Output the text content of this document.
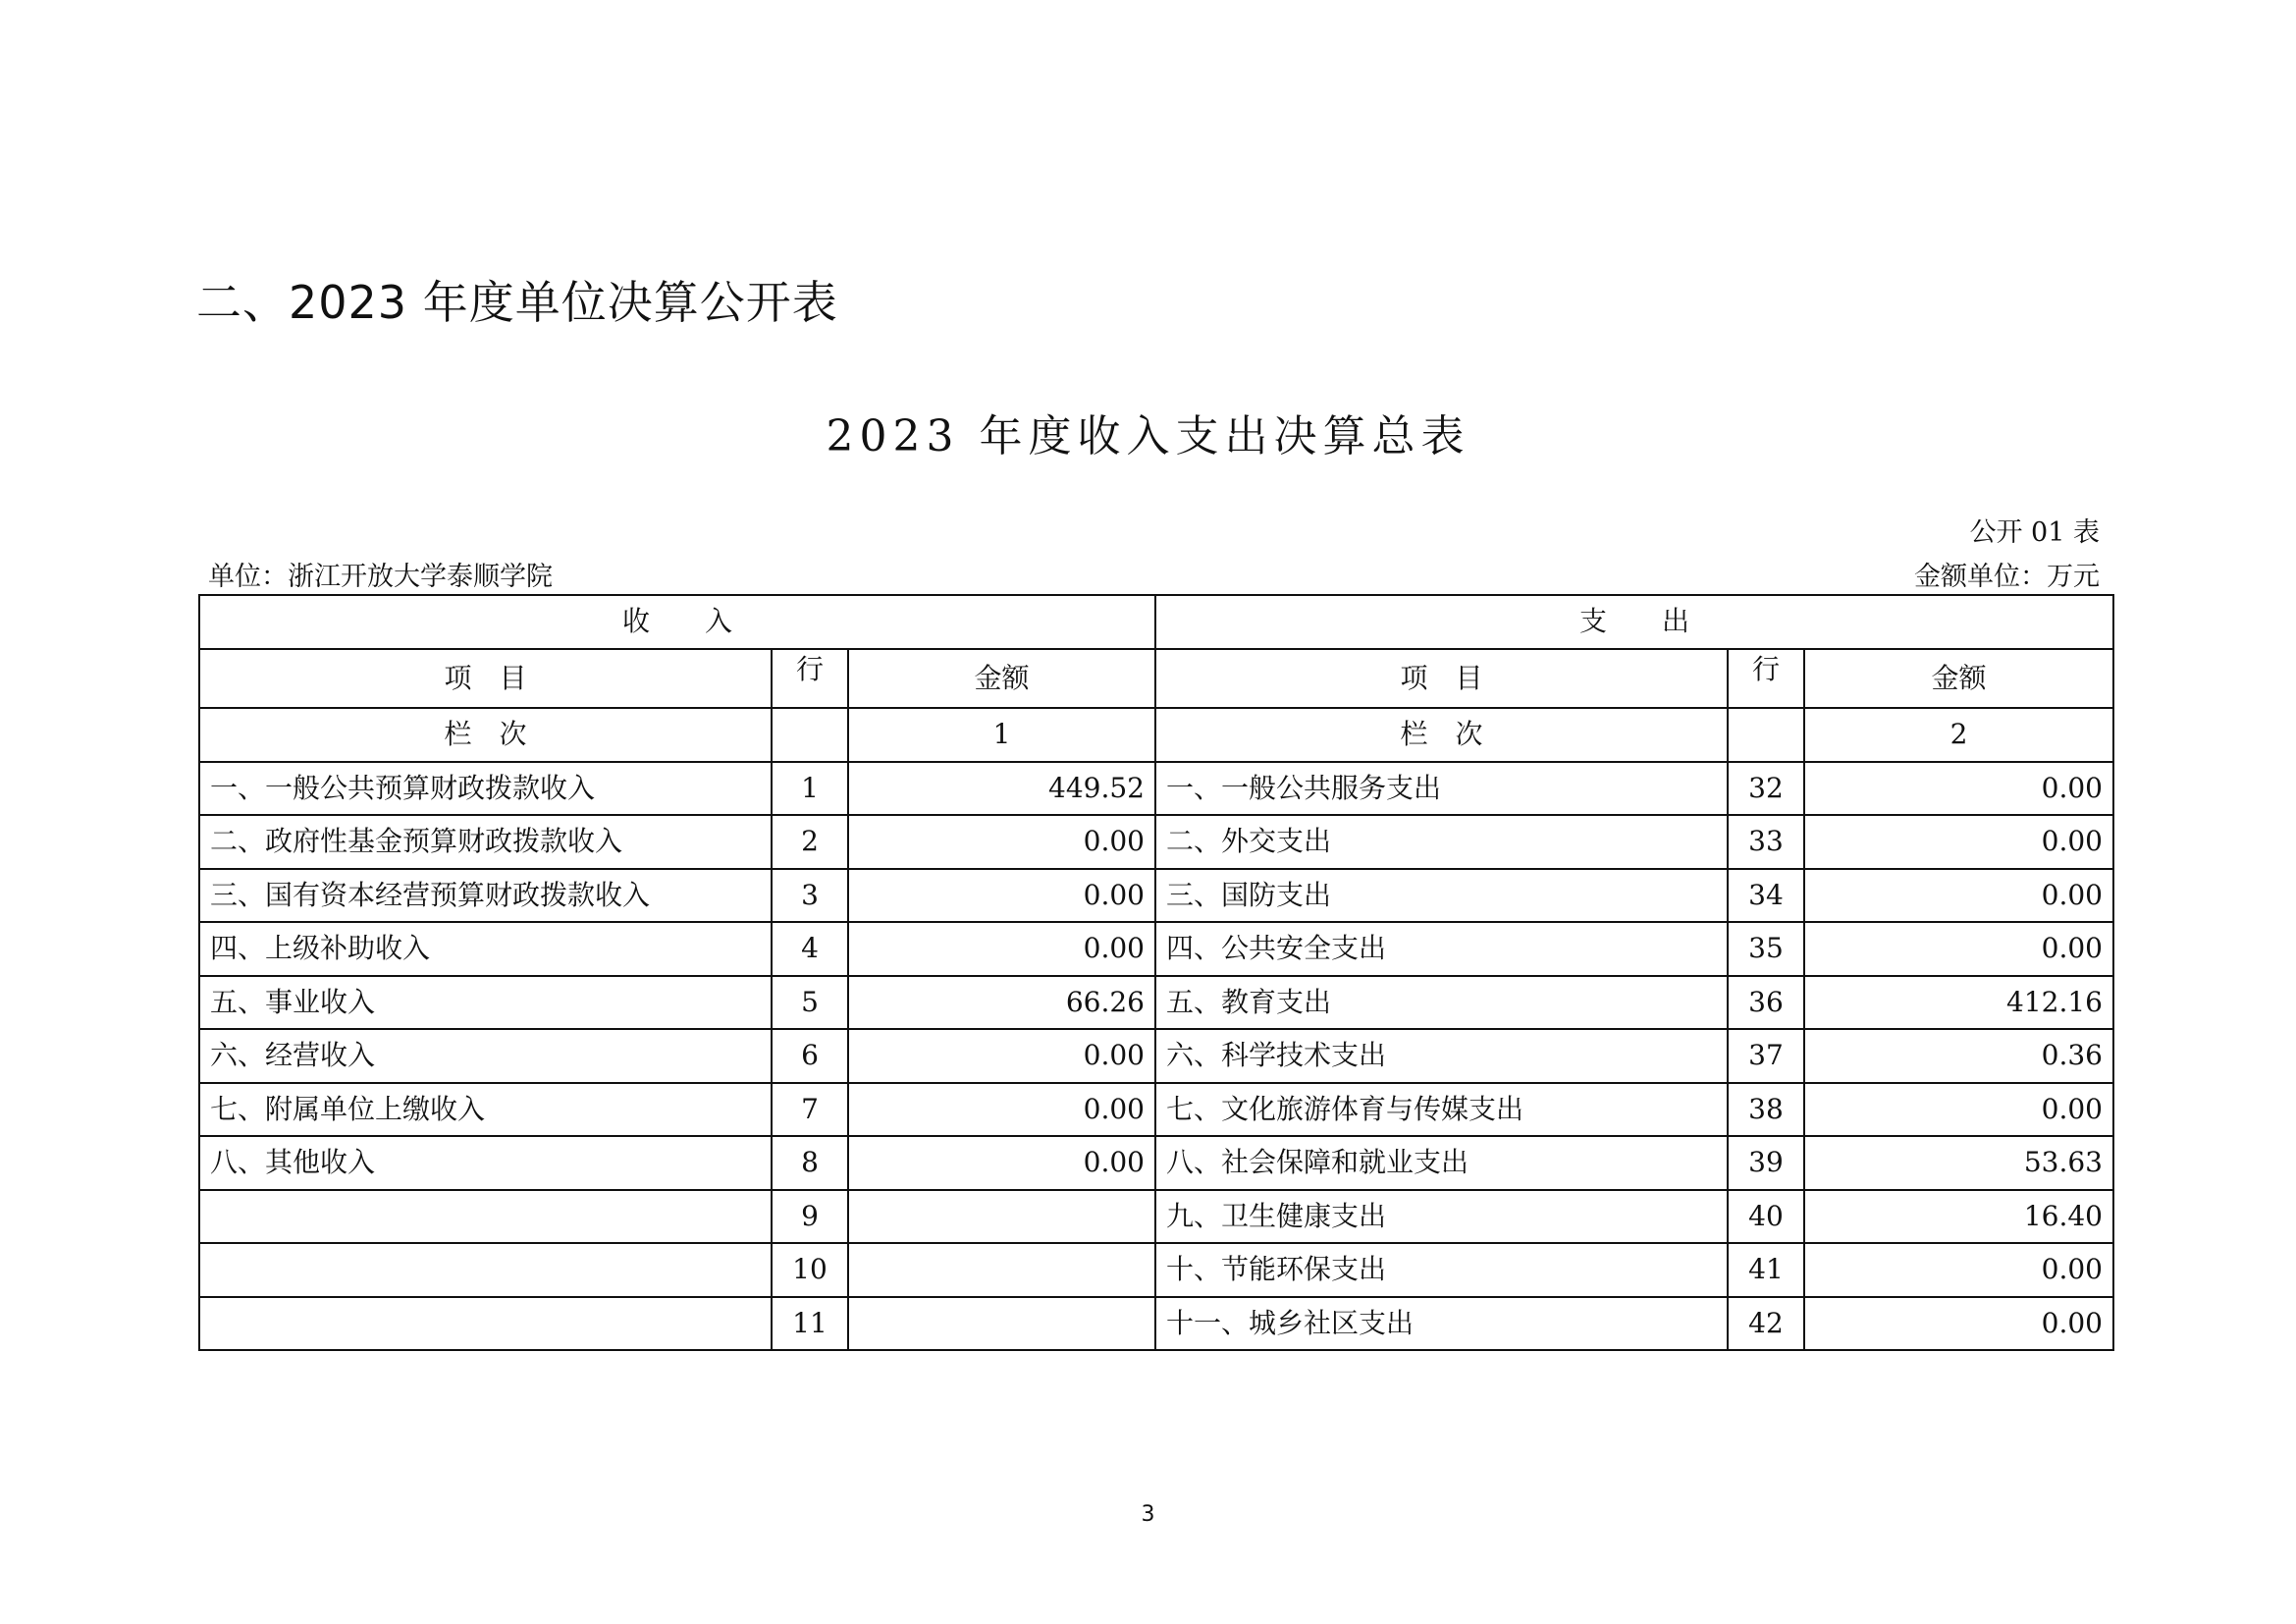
二、2023 年度单位决算公开表
2023 年度收入支出决算总表
公开 01 表
单位：浙江开放大学泰顺学院	金额单位：万元
收　　入			支　　出		
项　目	行	金额	项　目	行	金额
栏　次		1	栏　次		2
一、一般公共预算财政拨款收入	1	449.52	一、一般公共服务支出	32	0.00
二、政府性基金预算财政拨款收入	2	0.00	二、外交支出	33	0.00
三、国有资本经营预算财政拨款收入	3	0.00	三、国防支出	34	0.00
四、上级补助收入	4	0.00	四、公共安全支出	35	0.00
五、事业收入	5	66.26	五、教育支出	36	412.16
六、经营收入	6	0.00	六、科学技术支出	37	0.36
七、附属单位上缴收入	7	0.00	七、文化旅游体育与传媒支出	38	0.00
八、其他收入	8	0.00	八、社会保障和就业支出	39	53.63
	9		九、卫生健康支出	40	16.40
	10		十、节能环保支出	41	0.00
	11		十一、城乡社区支出	42	0.00
3
